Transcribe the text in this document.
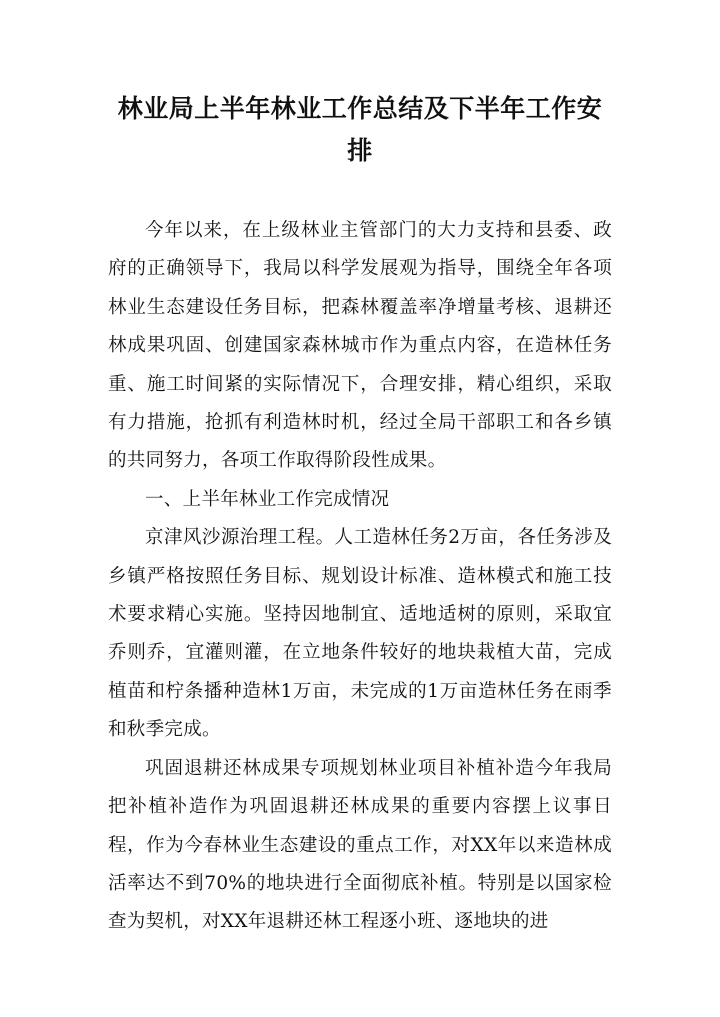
林业局上半年林业工作总结及下半年工作安排

今年以来，在上级林业主管部门的大力支持和县委、政府的正确领导下，我局以科学发展观为指导，围绕全年各项林业生态建设任务目标，把森林覆盖率净增量考核、退耕还林成果巩固、创建国家森林城市作为重点内容，在造林任务重、施工时间紧的实际情况下，合理安排，精心组织，采取有力措施，抢抓有利造林时机，经过全局干部职工和各乡镇的共同努力，各项工作取得阶段性成果。

一、上半年林业工作完成情况

京津风沙源治理工程。人工造林任务2万亩，各任务涉及乡镇严格按照任务目标、规划设计标准、造林模式和施工技术要求精心实施。坚持因地制宜、适地适树的原则，采取宜乔则乔，宜灌则灌，在立地条件较好的地块栽植大苗，完成植苗和柠条播种造林1万亩，未完成的1万亩造林任务在雨季和秋季完成。

巩固退耕还林成果专项规划林业项目补植补造今年我局把补植补造作为巩固退耕还林成果的重要内容摆上议事日程，作为今春林业生态建设的重点工作，对XX年以来造林成活率达不到70%的地块进行全面彻底补植。特别是以国家检查为契机，对XX年退耕还林工程逐小班、逐地块的进
